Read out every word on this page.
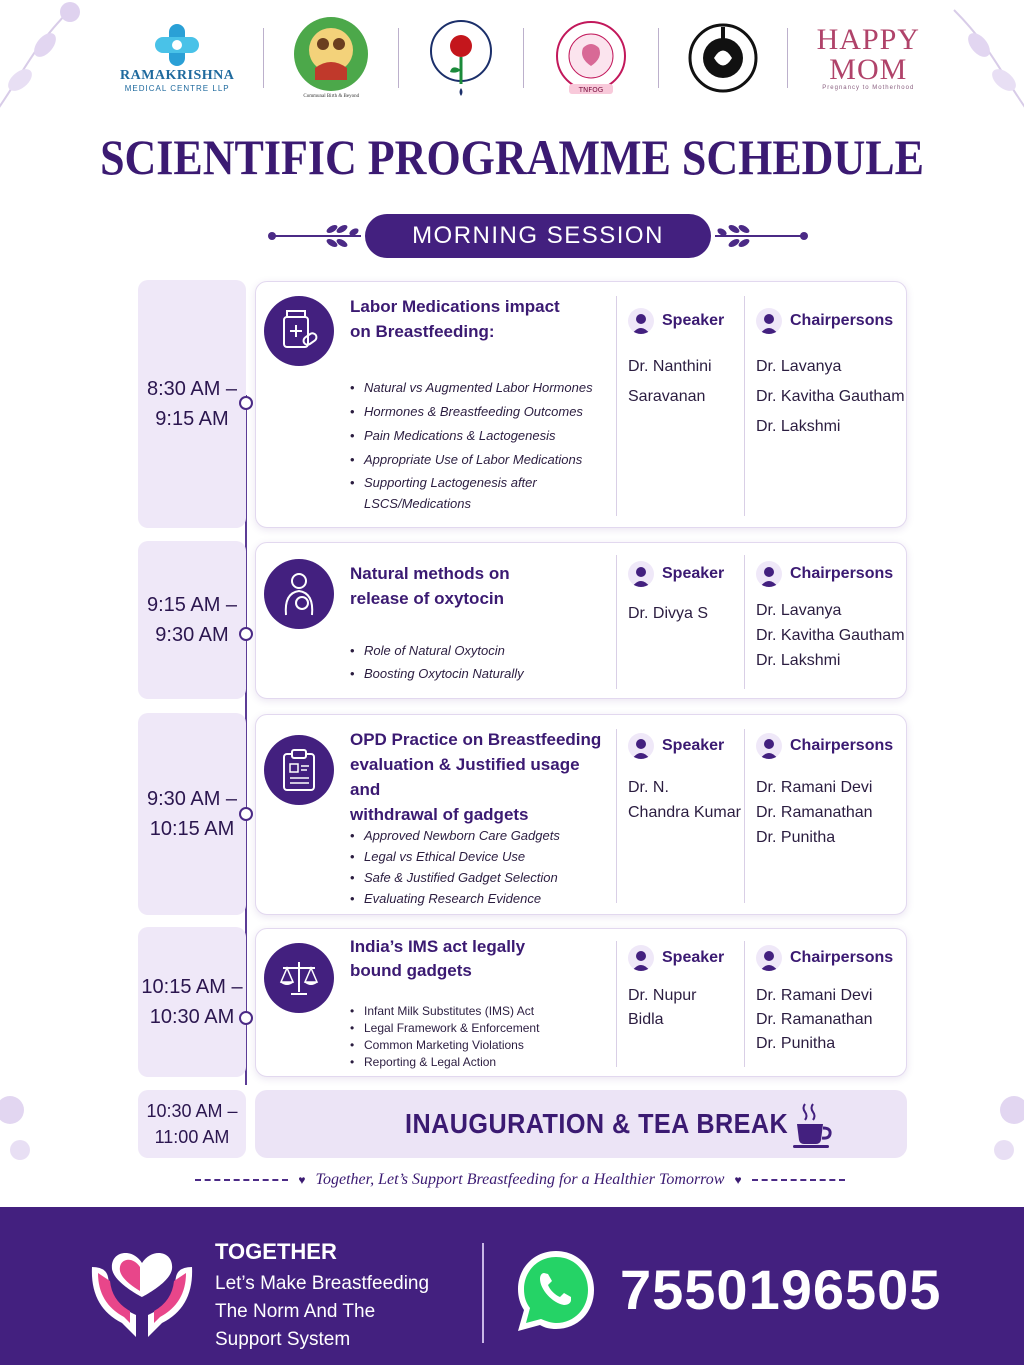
RAMAKRISHNA
MEDICAL CENTRE LLP
Communal Birth & Beyond
TNFOG
HAPPY
MOM
Pregnancy to Motherhood
SCIENTIFIC PROGRAMME SCHEDULE
MORNING SESSION
8:30 AM –
9:15 AM
Labor Medications impact
on Breastfeeding:
• Natural vs Augmented Labor Hormones
• Hormones & Breastfeeding Outcomes
• Pain Medications & Lactogenesis
• Appropriate Use of Labor Medications
• Supporting Lactogenesis after LSCS/Medications
Speaker
Dr. Nanthini
Saravanan
Chairpersons
Dr. Lavanya
Dr. Kavitha Gautham
Dr. Lakshmi
9:15 AM –
9:30 AM
Natural methods on
release of oxytocin
• Role of Natural Oxytocin
• Boosting Oxytocin Naturally
Speaker
Dr. Divya S
Chairpersons
Dr. Lavanya
Dr. Kavitha Gautham
Dr. Lakshmi
9:30 AM –
10:15 AM
OPD Practice on Breastfeeding
evaluation & Justified usage and
withdrawal of gadgets
• Approved Newborn Care Gadgets
• Legal vs Ethical Device Use
• Safe & Justified Gadget Selection
• Evaluating Research Evidence
Speaker
Dr. N.
Chandra Kumar
Chairpersons
Dr. Ramani Devi
Dr. Ramanathan
Dr. Punitha
10:15 AM –
10:30 AM
India’s IMS act legally
bound gadgets
• Infant Milk Substitutes (IMS) Act
• Legal Framework & Enforcement
• Common Marketing Violations
• Reporting & Legal Action
Speaker
Dr. Nupur
Bidla
Chairpersons
Dr. Ramani Devi
Dr. Ramanathan
Dr. Punitha
10:30 AM –
11:00 AM	INAUGURATION & TEA BREAK
♥ Together, Let’s Support Breastfeeding for a Healthier Tomorrow ♥
TOGETHER
Let’s Make Breastfeeding
The Norm And The
Support System
7550196505
